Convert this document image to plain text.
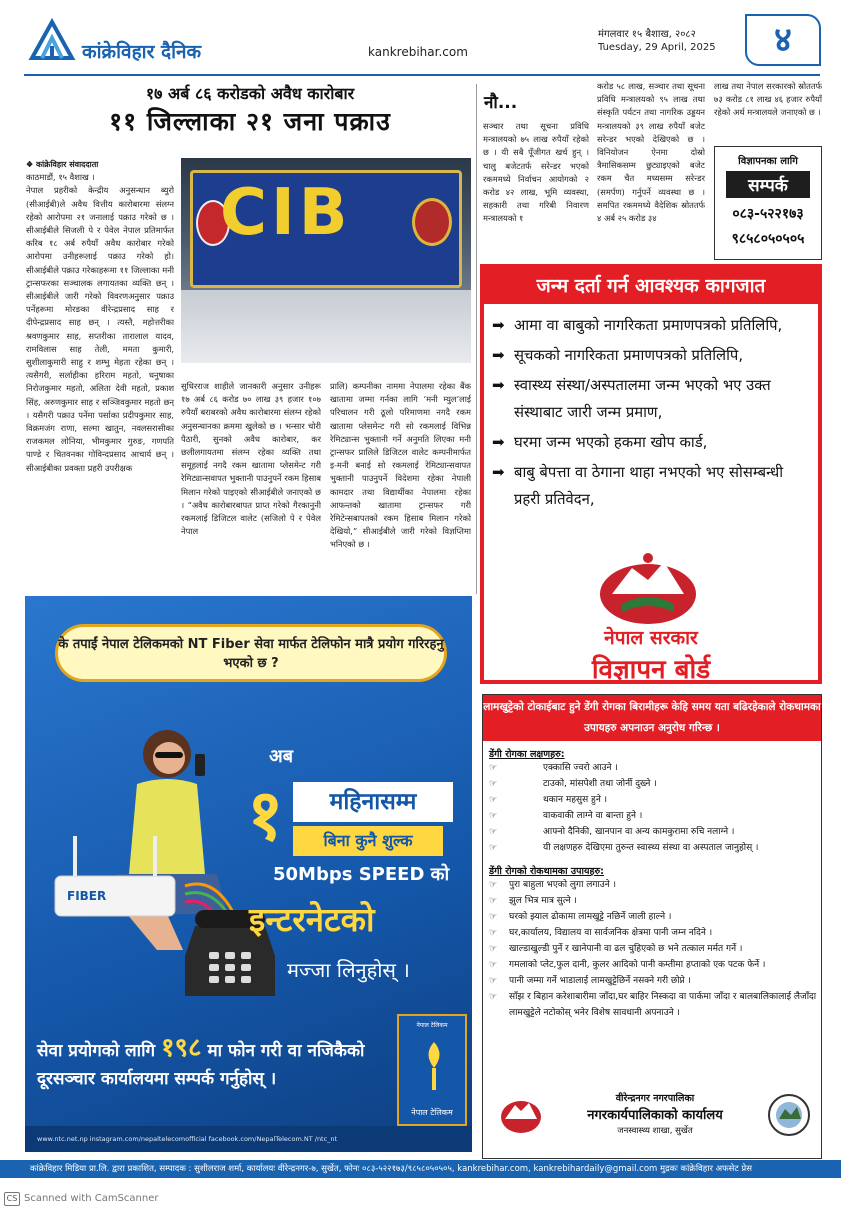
कांक्रेविहार दैनिक	kankrebihar.com
मंगलवार १५ बैशाख, २०८२
Tuesday, 29 April, 2025	४
१७ अर्ब ८६ करोडको अवैध कारोबार
११ जिल्लाका २१ जना पक्राउ
❖ कांक्रेविहार संवाददाता
काठमाडौं, १५ वैशाख ।
नेपाल प्रहरीको केन्द्रीय अनुसन्धान ब्युरो (सीआईबी)ले अवैध वित्तीय कारोबारमा संलग्न रहेको आरोपमा २१ जनालाई पक्राउ गरेको छ । सीआईबीले सिजली पे र पेवेल नेपाल प्रतिमार्फत करिब १८ अर्ब रुपैयाँ अवैध कारोबार गरेको आरोपमा उनीहरूलाई पक्राउ गरेको हो। सीआईबीले पक्राउ गरेकाहरूमा ११ जिल्लाका मनी ट्रान्सफरका सञ्चालक लगायतका व्यक्ति छन् । सीआईबीले जारी गरेको विवरणअनुसार पक्राउ पर्नेहरूमा मोरङका वीरेन्द्रप्रसाद साह र दीपेन्द्रप्रसाद साह छन् । त्यस्तै, महोत्तरीका श्रवणकुमार साह, सप्तरीका तारालाल यादव, रामविलास साह तेली, ममता कुमारी, सुशीलाकुमारी साहु र शम्भु मेहता रहेका छन् । त्यसैगरी, सर्लाहीका हरिराम महतो, धनुषाका निरोजकुमार महतो, अलिता देवी महतो, प्रकाश सिंह, अरुणकुमार साह र सञ्जिवकुमार महतो छन् । यसैगरी पक्राउ पर्नेमा पर्साका प्रदीपकुमार साह, विक्रमजंग राणा, सल्मा खातुन, नवलसरासीका राजकमल लोनिया, भीमकुमार गुरुङ, गणपति पाण्डे र चितवनका गोविन्दप्रसाद आचार्य छन् । सीआईबीका प्रवक्ता प्रहरी उपरीक्षक
CIB
सुधिरराज शाहीले जानकारी अनुसार उनीहरू १७ अर्ब ८६ करोड ७० लाख ३९ हजार १०७ रुपैयाँ बराबरको अवैध कारोबारमा संलग्न रहेको अनुसन्धानका क्रममा खुलेको छ । भन्सार चोरी पैठारी, सुनको अवैध कारोबार, कर छलीलगायतमा संलग्न रहेका व्यक्ति तथा समूहलाई नगदै रकम खातामा प्लेसमेन्ट गरी रेमिट्यान्सवापत भुक्तानी पाउनुपर्ने रकम हिसाब मिलान गरेको पाइएको सीआईबीले जनाएको छ । “अवैध कारोबारबापत प्राप्त गरेको गैरकानुनी रकमलाई डिजिटल वालेट (सजिलो पे र पेवेल नेपाल
प्रालि) कम्पनीका नाममा नेपालमा रहेका बैंक खातामा जम्मा गर्नका लागि ‘मनी म्युल’लाई परिचालन गरी ठूलो परिमाणमा नगदै रकम खातामा प्लेसमेन्ट गरी सो रकमलाई विभिन्न रेमिट्यान्स भुक्तानी गर्ने अनुमति लिएका मनी ट्रान्सफर प्रालिले डिजिटल वालेट कम्पनीमार्फत इ-मनी बनाई सो रकमलाई रेमिट्यान्सवापत भुक्तानी पाउनुपर्ने विदेशमा रहेका नेपाली कामदार तथा विद्यार्थीका नेपालमा रहेका आफन्तको खातामा ट्रान्सफर गरी रेमिटेन्सबापतको रकम हिसाब मिलान गरेको देखियो,” सीआईबीले जारी गरेको विज्ञप्तिमा भनिएको छ ।
नौ...
सञ्चार तथा सूचना प्रविधि मन्त्रालयको ७५ लाख रुपैयाँ रहेको छ । यी सबै पूँजीगत खर्च हुन् । चालु बजेटतर्फ सरेन्डर भएको रकममध्ये निर्वाचन आयोगको २ करोड ४२ लाख, भूमि व्यवस्था, सहकारी तथा गरिबी निवारण मन्त्रालयको १
करोड ५८ लाख, सञ्चार तथा सूचना प्रविधि मन्त्रालयको ९५ लाख तथा संस्कृति पर्यटन तथा नागरिक उड्डयन मन्त्रालयको ३९ लाख रुपैयाँ बजेट सरेन्डर भएको देखिएको छ । विनियोजन ऐनमा दोस्रो त्रैमासिकसम्म छुट्याइएको बजेट रकम चैत मध्यसम्म सरेन्डर (समर्पण) गर्नुपर्ने व्यवस्था छ । समपित रकममध्ये वैदेशिक स्रोततर्फ ४ अर्ब २५ करोड ३४
लाख तथा नेपाल सरकारको स्रोततर्फ ७३ करोड ८१ लाख ४६ हजार रुपैयाँ रहेको अर्थ मन्त्रालयले जनाएको छ ।
विज्ञापनका लागि
सम्पर्क
०८३-५२२१७३
९८५८०५०५०५
जन्म दर्ता गर्न आवश्यक कागजात
➡ आमा वा बाबुको नागरिकता प्रमाणपत्रको प्रतिलिपि,
➡ सूचकको नागरिकता प्रमाणपत्रको प्रतिलिपि,
➡ स्वास्थ्य संस्था/अस्पतालमा जन्म भएको भए उक्त संस्थाबाट जारी जन्म प्रमाण,
➡ घरमा जन्म भएको हकमा खोप कार्ड,
➡ बाबु बेपत्ता वा ठेगाना थाहा नभएको भए सोसम्बन्धी प्रहरी प्रतिवेदन,
नेपाल सरकार
विज्ञापन बोर्ड
के तपाईं नेपाल टेलिकमको NT Fiber सेवा मार्फत टेलिफोन मात्रै प्रयोग गरिरहनु भएको छ ?
FIBER
अब
१	महिनासम्म
बिना कुनै शुल्क
50Mbps SPEED को
इन्टरनेटको
मज्जा लिनुहोस् ।
सेवा प्रयोगको लागि १९८ मा फोन गरी वा नजिकैको
दूरसञ्चार कार्यालयमा सम्पर्क गर्नुहोस् ।
नेपाल टेलिकम
नेपाल टेलिकम
www.ntc.net.np instagram.com/nepaltelecomofficial facebook.com/NepalTelecom.NT /ntc_nt
लामखुट्टेको टोकाईबाट हुने डेंगी रोगका बिरामीहरू केहि समय यता बढिरहेकाले रोकथामका उपायहरु अपनाउन अनुरोध गरिन्छ ।
डेंगी रोगका लक्षणहरु:
☞	एक्कासि ज्वरो आउने ।
☞	टाउको, मांसपेशी तथा जोर्नी दुख्ने ।
☞	थकान महसुस हुने ।
☞	वाकवाकी लाग्ने वा बान्ता हुने ।
☞	आफ्नो दैनिकी, खानपान वा अन्य कामकुरामा रुचि नलाग्ने ।
☞	यी लक्षणहरु देखिएमा तुरुन्त स्वास्थ्य संस्था वा अस्पताल जानुहोस् ।
डेंगी रोगको रोकथामका उपायहरु:
☞ पुरा बाहुला भएको लुगा लगाउने ।
☞ झुल भित्र मात्र सुत्ने ।
☞ घरको झ्याल ढोकामा लामखुट्टे नछिर्ने जाली हाल्ने ।
☞ घर,कार्यालय, विद्यालय वा सार्वजनिक क्षेत्रमा पानी जम्न नदिने ।
☞ खाल्डाखुल्डी पुर्ने र खानेपानी वा ढल चुहिएको छ भने तत्काल मर्मत गर्ने ।
☞ गमलाको प्लेट,फुल दानी, कुलर आदिको पानी कम्तीमा हप्ताको एक पटक फेर्ने ।
☞ पानी जम्मा गर्ने भाडालाई लामखुट्टेछिर्ने नसक्ने गरी छोप्ने ।
☞ साँझ र बिहान करेशाबारीमा जाँदा,घर बाहिर निस्कदा वा पार्कमा जाँदा र बालबालिकालाई लैजाँदा लामखुट्टेले नटोकोस् भनेर विशेष सावधानी अपनाउने ।
वीरेन्द्रनगर नगरपालिका
नगरकार्यपालिकाको कार्यालय
जनस्वास्थ्य शाखा, सुर्खेत
कांक्रेविहार मिडिया प्रा.लि. द्वारा प्रकाशित, सम्पादक : सुशीलराज शर्मा, कार्यालयः वीरेन्द्रनगर-७, सुर्खेत, फोनः ०८३-५२२१७३/९८५८०५०५०५, kankrebihar.com, kankrebihardaily@gmail.com मुद्रकः कांक्रेविहार अफसेट प्रेस
CS Scanned with CamScanner
